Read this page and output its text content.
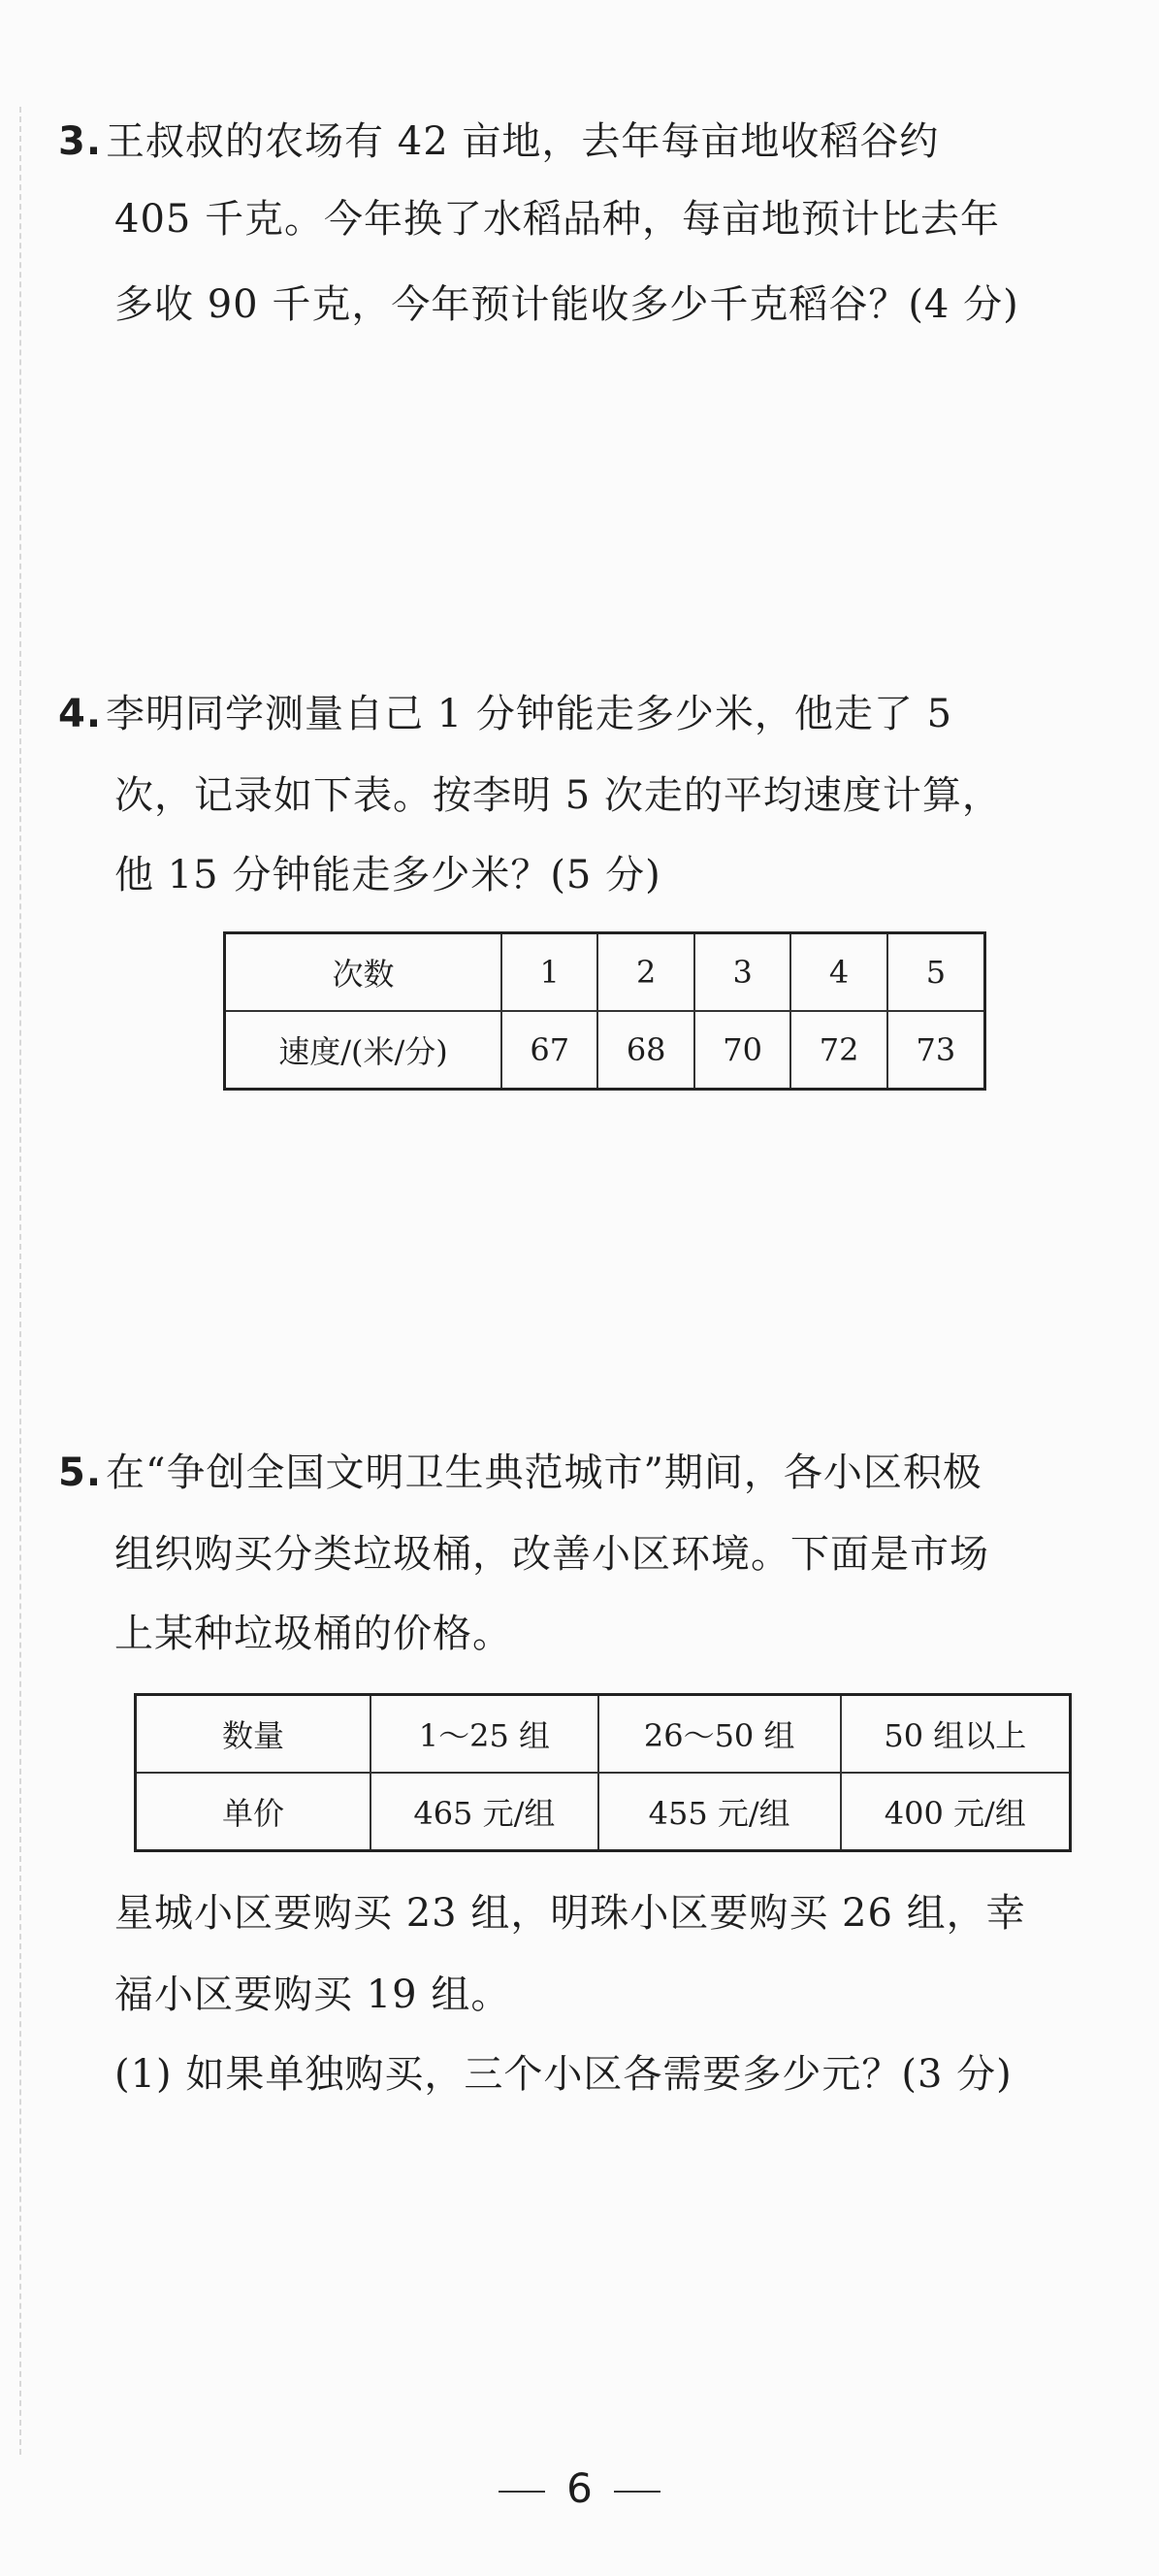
3. 王叔叔的农场有 42 亩地，去年每亩地收稻谷约
405 千克。今年换了水稻品种，每亩地预计比去年
多收 90 千克，今年预计能收多少千克稻谷？(4 分)
4. 李明同学测量自己 1 分钟能走多少米，他走了 5
次，记录如下表。按李明 5 次走的平均速度计算，
他 15 分钟能走多少米？(5 分)
次数	1	2	3	4	5
速度/(米/分)	67	68	70	72	73
5. 在“争创全国文明卫生典范城市”期间，各小区积极
组织购买分类垃圾桶，改善小区环境。下面是市场
上某种垃圾桶的价格。
数量	1～25 组	26～50 组	50 组以上
单价	465 元/组	455 元/组	400 元/组
星城小区要购买 23 组，明珠小区要购买 26 组，幸
福小区要购买 19 组。
(1) 如果单独购买，三个小区各需要多少元？(3 分)
6
